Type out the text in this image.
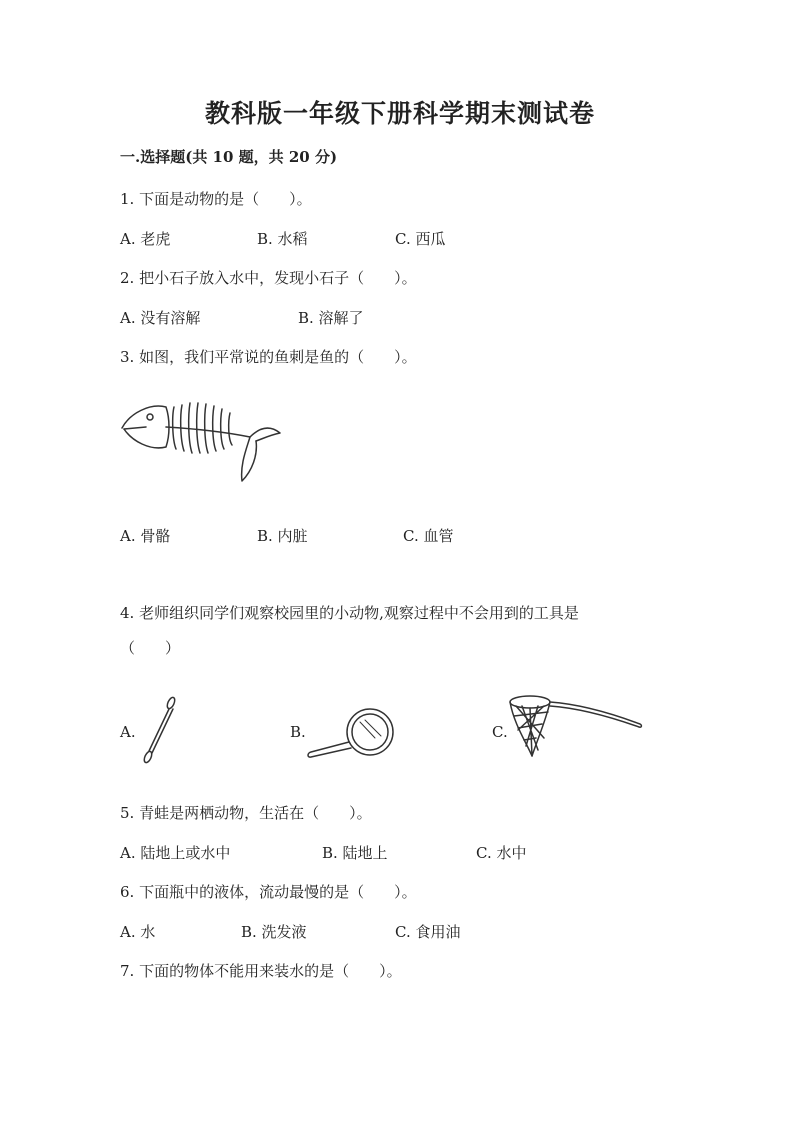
教科版一年级下册科学期末测试卷
一.选择题(共 10 题，共 20 分)
1. 下面是动物的是（　　）。
A. 老虎	B. 水稻	C. 西瓜
2. 把小石子放入水中，发现小石子（　　）。
A. 没有溶解	B. 溶解了
3. 如图，我们平常说的鱼刺是鱼的（　　）。
A. 骨骼	B. 内脏	C. 血管
4. 老师组织同学们观察校园里的小动物,观察过程中不会用到的工具是
（　　）
A.	B.	C.
5. 青蛙是两栖动物，生活在（　　）。
A. 陆地上或水中	B. 陆地上	C. 水中
6. 下面瓶中的液体，流动最慢的是（　　）。
A. 水	B. 洗发液	C. 食用油
7. 下面的物体不能用来装水的是（　　）。
